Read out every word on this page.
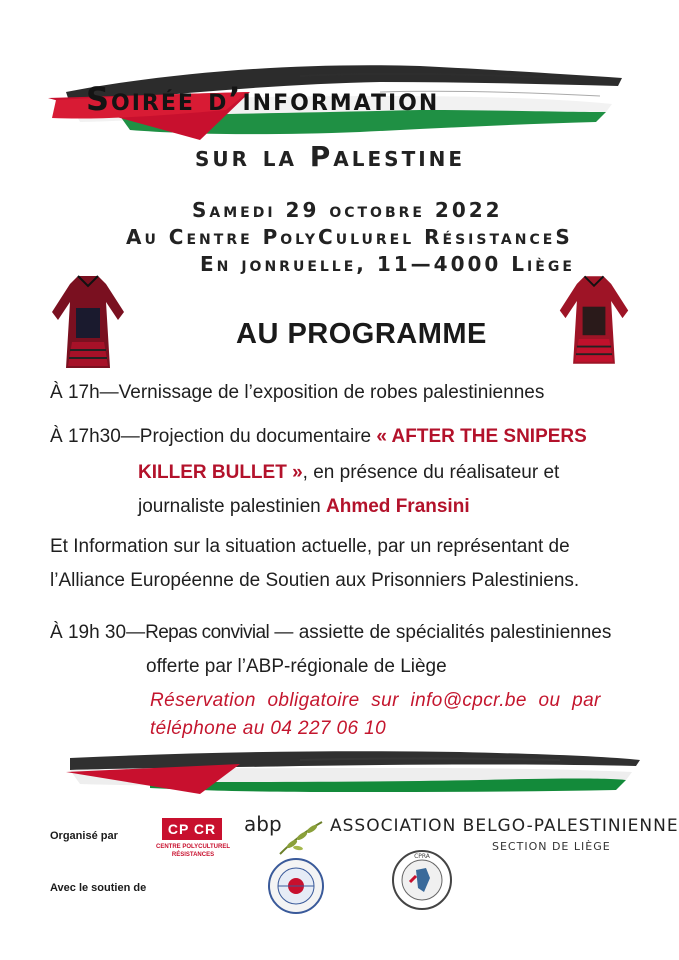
Soirée d’information
sur la Palestine
Samedi 29 octobre 2022
Au Centre PolyCulurel RésistanceS
En jonruelle, 11—4000 Liège
AU PROGRAMME
À 17h—Vernissage de l’exposition de robes palestiniennes
À 17h30—Projection du documentaire « AFTER THE SNIPERS
KILLER BULLET », en présence du réalisateur et
journaliste palestinien Ahmed Fransini
Et Information sur la situation actuelle, par un représentant de
l’Alliance Européenne de Soutien aux Prisonniers Palestiniens.
À 19h 30—Repas convivial — assiette de spécialités palestiniennes
offerte par l’ABP-régionale de Liège
Réservation obligatoire sur info@cpcr.be ou par
téléphone au 04 227 06 10
Organisé par
Avec le soutien de
CP CR
CENTRE POLYCULTUREL
RÉSISTANCES
abp	ASSOCIATION BELGO-PALESTINIENNE
SECTION DE LIÈGE
CPRA
